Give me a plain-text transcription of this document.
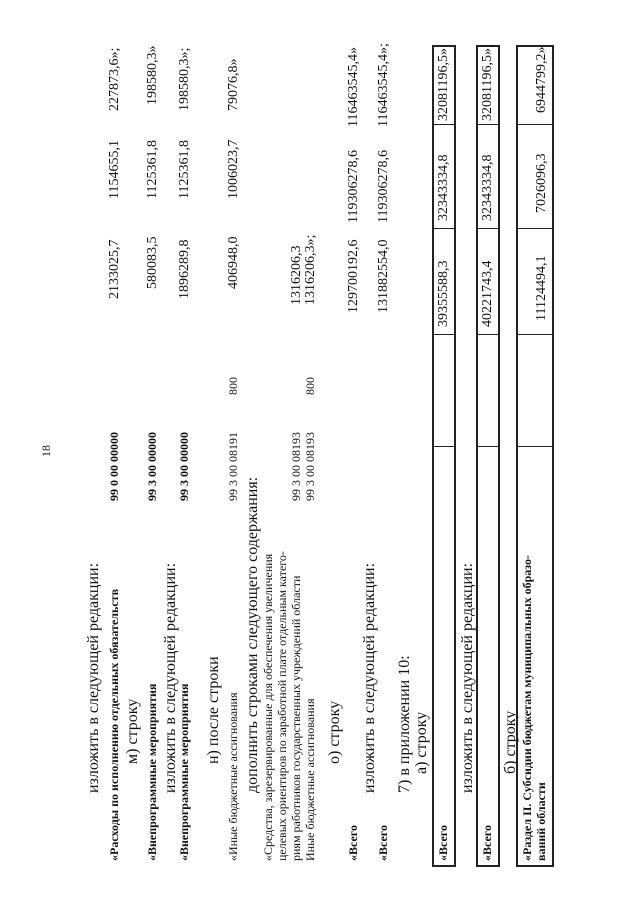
18
изложить в следующей редакции: «Расходы по исполнению отдельных обязательств
99 0 00 00000
2133025,7
1154655,1
227873,6»;
м) строку «Внепрограммные мероприятия
99 3 00 00000
580083,5
1125361,8
198580,3»
изложить в следующей редакции:
«Внепрограммные мероприятия
99 3 00 00000
1896289,8
1125361,8
198580,3»;
н) после строки «Иные бюджетные ассигнования
99 3 00 08191
800
406948,0
1006023,7
79076,8»
дополнить строками следующего содержания: «Средства, зарезервированные для обеспечения увеличения целевых ориентиров по заработной плате отдельным катего- риям работников государственных учреждений области
99 3 00 08193
1316206,3
Иные бюджетные ассигнования
99 3 00 08193
800
1316206,3»;
о) строку
«Всего
129700192,6
119306278,6
116463545,4»
изложить в следующей редакции:
«Всего
131882554,0
119306278,6
116463545,4»;
7) в приложении 10: а) строку
«Всего
39355588,3
32343334,8
32081196,5»
изложить в следующей редакции:
«Всего
40221743,4
32343334,8
32081196,5»;
б) строку «Раздел II. Субсидии бюджетам муниципальных образо- ваний области
11124494,1
7026096,3
6944799,2»
